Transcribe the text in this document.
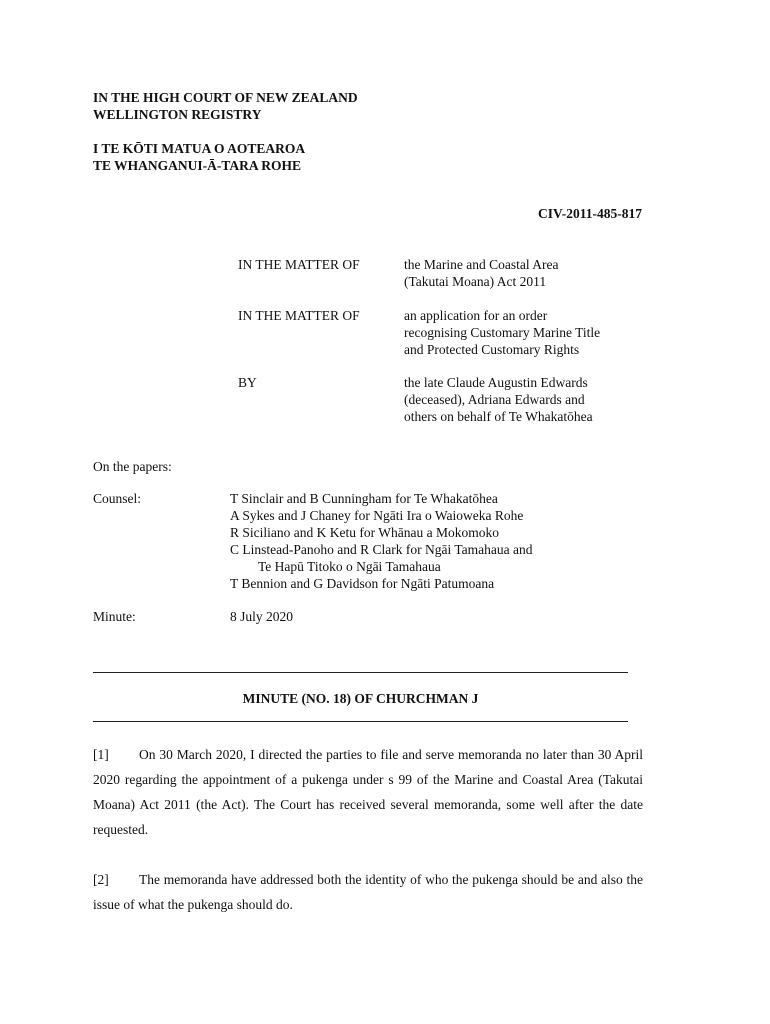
IN THE HIGH COURT OF NEW ZEALAND
WELLINGTON REGISTRY
I TE KŌTI MATUA O AOTEAROA
TE WHANGANUI-Ā-TARA ROHE
CIV-2011-485-817
IN THE MATTER OF	the Marine and Coastal Area
(Takutai Moana) Act 2011
IN THE MATTER OF	an application for an order
recognising Customary Marine Title
and Protected Customary Rights
BY	the late Claude Augustin Edwards
(deceased), Adriana Edwards and
others on behalf of Te Whakatōhea
On the papers:
Counsel:	T Sinclair and B Cunningham for Te Whakatōhea
A Sykes and J Chaney for Ngāti Ira o Waioweka Rohe
R Siciliano and K Ketu for Whānau a Mokomoko
C Linstead-Panoho and R Clark for Ngāi Tamahaua and
Te Hapū Titoko o Ngāi Tamahaua
T Bennion and G Davidson for Ngāti Patumoana
Minute:	8 July 2020
MINUTE (NO. 18) OF CHURCHMAN J

[1] On 30 March 2020, I directed the parties to file and serve memoranda no later than 30 April 2020 regarding the appointment of a pukenga under s 99 of the Marine and Coastal Area (Takutai Moana) Act 2011 (the Act). The Court has received several memoranda, some well after the date requested.

[2] The memoranda have addressed both the identity of who the pukenga should be and also the issue of what the pukenga should do.
